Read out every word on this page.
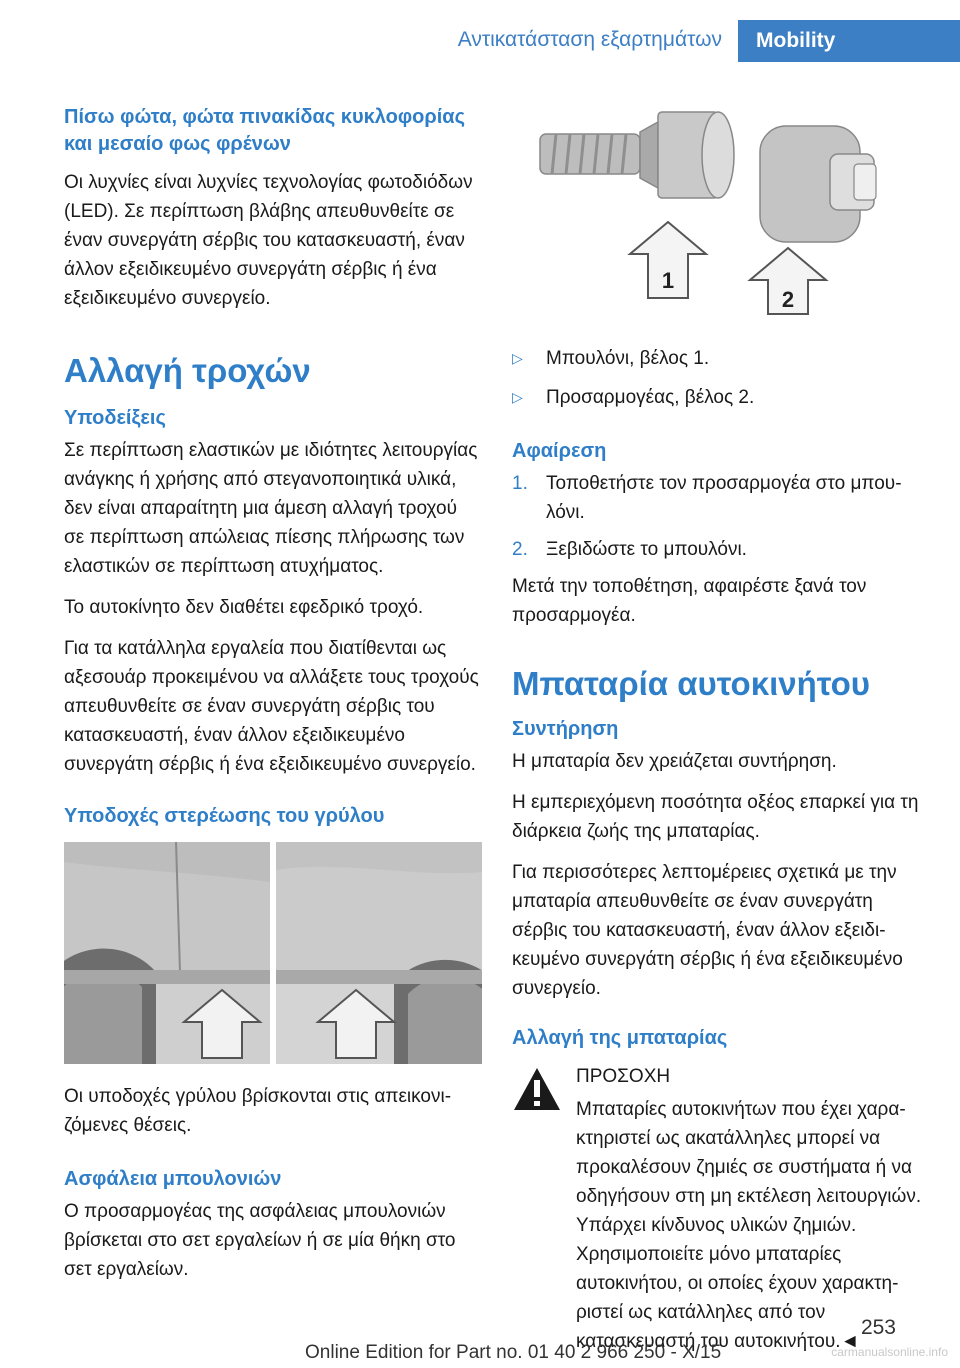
Αντικατάσταση εξαρτημάτων	Mobility
Πίσω φώτα, φώτα πινακίδας κυκλοφορίας και μεσαίο φως φρένων

Οι λυχνίες είναι λυχνίες τεχνολογίας φωτοδιόδων (LED). Σε περίπτωση βλάβης απευθυνθείτε σε έναν συνεργάτη σέρβις του κατασκευαστή, έναν άλλον εξειδικευμένο συνεργάτη σέρβις ή ένα εξειδικευμένο συνεργείο.

Αλλαγή τροχών
Υποδείξεις

Σε περίπτωση ελαστικών με ιδιότητες λειτουργίας ανάγκης ή χρήσης από στεγανοποιητικά υλικά, δεν είναι απαραίτητη μια άμεση αλλαγή τροχού σε περίπτωση απώλειας πίεσης πλήρωσης των ελαστικών σε περίπτωση ατυχήματος.

Το αυτοκίνητο δεν διαθέτει εφεδρικό τροχό.

Για τα κατάλληλα εργαλεία που διατίθενται ως αξεσουάρ προκειμένου να αλλάξετε τους τροχούς απευθυνθείτε σε έναν συνεργάτη σέρβις του κατασκευαστή, έναν άλλον εξειδικευμένο συνεργάτη σέρβις ή ένα εξειδικευμένο συνεργείο.

Υποδοχές στερέωσης του γρύλου

Οι υποδοχές γρύλου βρίσκονται στις απεικονιζόμενες θέσεις.

Ασφάλεια μπουλονιών

Ο προσαρμογέας της ασφάλειας μπουλονιών βρίσκεται στο σετ εργαλείων ή σε μία θήκη στο σετ εργαλείων.

1
2
▷ Μπουλόνι, βέλος 1.
▷ Προσαρμογέας, βέλος 2.
Αφαίρεση
1. Τοποθετήστε τον προσαρμογέα στο μπουλόνι.
2. Ξεβιδώστε το μπουλόνι.

Μετά την τοποθέτηση, αφαιρέστε ξανά τον προσαρμογέα.

Μπαταρία αυτοκινήτου
Συντήρηση

Η μπαταρία δεν χρειάζεται συντήρηση.

Η εμπεριεχόμενη ποσότητα οξέος επαρκεί για τη διάρκεια ζωής της μπαταρίας.

Για περισσότερες λεπτομέρειες σχετικά με την μπαταρία απευθυνθείτε σε έναν συνεργάτη σέρβις του κατασκευαστή, έναν άλλον εξειδικευμένο συνεργάτη σέρβις ή ένα εξειδικευμένο συνεργείο.

Αλλαγή της μπαταρίας

ΠΡΟΣΟΧΗ

Μπαταρίες αυτοκινήτων που έχει χαρακτηριστεί ως ακατάλληλες μπορεί να προκαλέσουν ζημιές σε συστήματα ή να οδηγήσουν στη μη εκτέλεση λειτουργιών. Υπάρχει κίνδυνος υλικών ζημιών. Χρησιμοποιείτε μόνο μπαταρίες αυτοκινήτου, οι οποίες έχουν χαρακτηριστεί ως κατάλληλες από τον κατασκευαστή του αυτοκινήτου.◄

253
Online Edition for Part no. 01 40 2 966 250 - X/15	carmanualsonline.info
